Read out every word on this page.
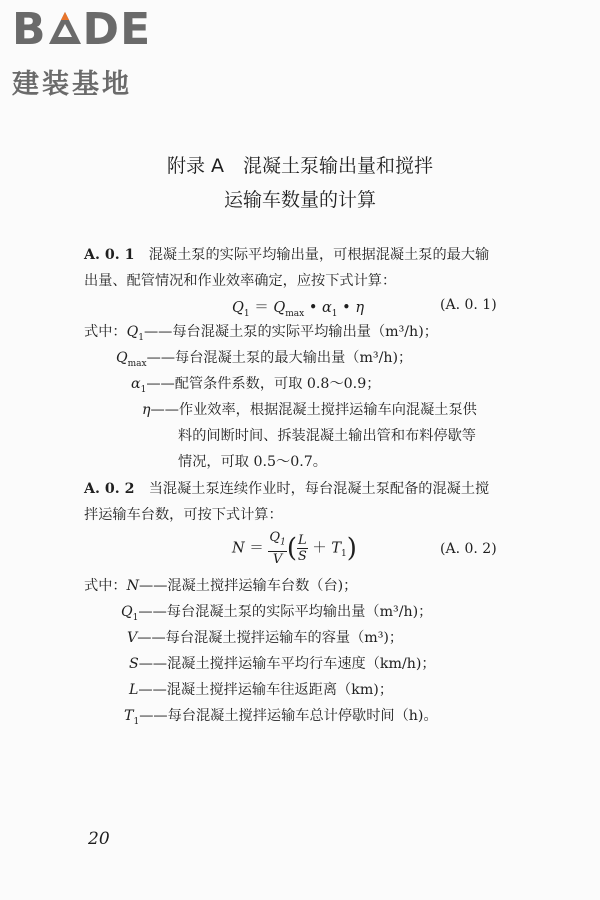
B DE
建装基地
附录 A　混凝土泵输出量和搅拌
运输车数量的计算
A. 0. 1　 混凝土泵的实际平均输出量，可根据混凝土泵的最大输
出量、配管情况和作业效率确定，应按下式计算：
$Q_1 = Q_{max}$ • $\alpha_1$ • η	(A. 0. 1)
式中：$Q_1——$每台混凝土泵的实际平均输出量（m³/h)；
$Q_{max}——$每台混凝土泵的最大输出量（m³/h)；
$\alpha_1——$配管条件系数，可取 0.8～0.9；
η——作业效率，根据混凝土搅拌运输车向混凝土泵供
料的间断时间、拆装混凝土输出管和布料停歇等
情况，可取 0.5～0.7。
A. 0. 2　 当混凝土泵连续作业时，每台混凝土泵配备的混凝土搅
拌运输车台数，可按下式计算：
$N = \frac{Q_1}{V}$ ( $\frac{L}{S} + T_1$)	(A. 0. 2)
式中：N——混凝土搅拌运输车台数（台)；
$Q_1——$每台混凝土泵的实际平均输出量（m³/h)；
V——每台混凝土搅拌运输车的容量（m³)；
S——混凝土搅拌运输车平均行车速度（km/h)；
L——混凝土搅拌运输车往返距离（km)；
$T_1——$每台混凝土搅拌运输车总计停歇时间（h)。
20
